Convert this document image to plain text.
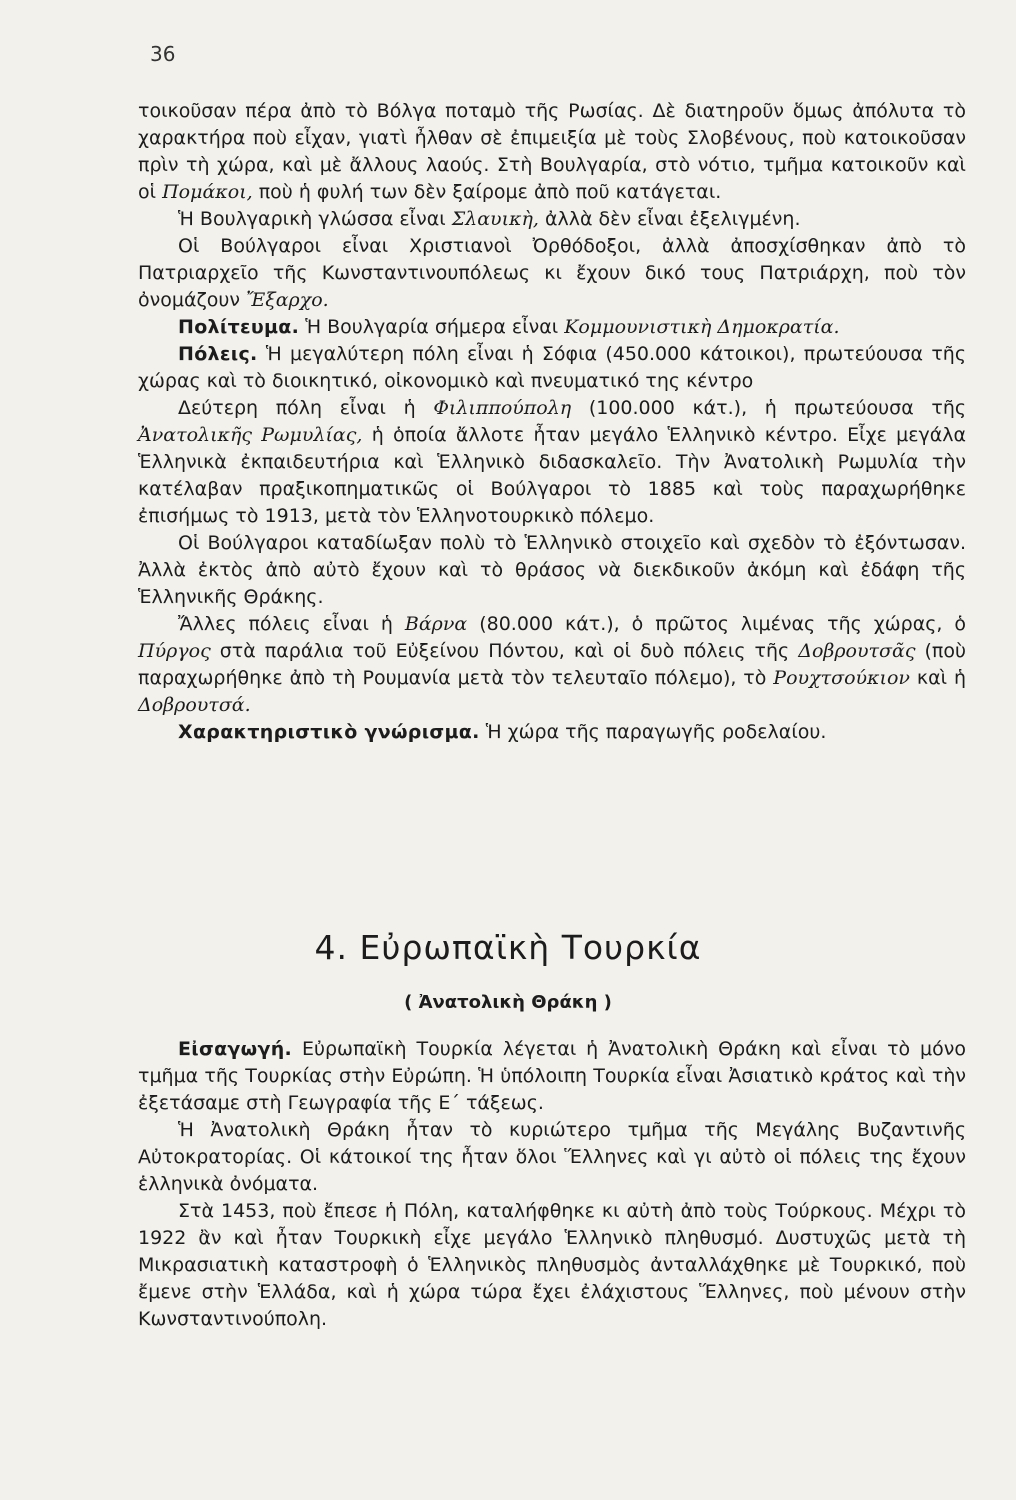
36

τοικοῦσαν πέρα ἀπὸ τὸ Βόλγα ποταμὸ τῆς Ρωσίας. Δὲ διατηροῦν ὅμως ἀπόλυτα τὸ χαρακτήρα ποὺ εἶχαν, γιατὶ ἦλθαν σὲ ἐπιμειξία μὲ τοὺς Σλοβένους, ποὺ κατοικοῦσαν πρὶν τὴ χώρα, καὶ μὲ ἄλλους λαούς. Στὴ Βουλγαρία, στὸ νότιο, τμῆμα κατοικοῦν καὶ οἱ Πομάκοι, ποὺ ἡ φυλή των δὲν ξαίρομε ἀπὸ ποῦ κατάγεται.

Ἡ Βουλγαρικὴ γλώσσα εἶναι Σλαυικὴ, ἀλλὰ δὲν εἶναι ἐξελιγμένη.

Οἱ Βούλγαροι εἶναι Χριστιανοὶ Ὀρθόδοξοι, ἀλλὰ ἀποσχίσθηκαν ἀπὸ τὸ Πατριαρχεῖο τῆς Κωνσταντινουπόλεως κι ἔχουν δικό τους Πατριάρχη, ποὺ τὸν ὀνομάζουν Ἔξαρχο.

Πολίτευμα. Ἡ Βουλγαρία σήμερα εἶναι Κομμουνιστικὴ Δημοκρατία.

Πόλεις. Ἡ μεγαλύτερη πόλη εἶναι ἡ Σόφια (450.000 κάτοικοι), πρωτεύουσα τῆς χώρας καὶ τὸ διοικητικό, οἰκονομικὸ καὶ πνευματικό της κέντρο

Δεύτερη πόλη εἶναι ἡ Φιλιππούπολη (100.000 κάτ.), ἡ πρωτεύουσα τῆς Ἀνατολικῆς Ρωμυλίας, ἡ ὁποία ἄλλοτε ἦταν μεγάλο Ἑλληνικὸ κέντρο. Εἶχε μεγάλα Ἑλληνικὰ ἐκπαιδευτήρια καὶ Ἑλληνικὸ διδασκαλεῖο. Τὴν Ἀνατολικὴ Ρωμυλία τὴν κατέλαβαν πραξικοπηματικῶς οἱ Βούλγαροι τὸ 1885 καὶ τοὺς παραχωρήθηκε ἐπισήμως τὸ 1913, μετὰ τὸν Ἑλληνοτουρκικὸ πόλεμο.

Οἱ Βούλγαροι καταδίωξαν πολὺ τὸ Ἑλληνικὸ στοιχεῖο καὶ σχεδὸν τὸ ἐξόντωσαν. Ἀλλὰ ἐκτὸς ἀπὸ αὐτὸ ἔχουν καὶ τὸ θράσος νὰ διεκδικοῦν ἀκόμη καὶ ἐδάφη τῆς Ἑλληνικῆς Θράκης.

Ἄλλες πόλεις εἶναι ἡ Βάρνα (80.000 κάτ.), ὁ πρῶτος λιμένας τῆς χώρας, ὁ Πύργος στὰ παράλια τοῦ Εὐξείνου Πόντου, καὶ οἱ δυὸ πόλεις τῆς Δοβρουτσᾶς (ποὺ παραχωρήθηκε ἀπὸ τὴ Ρουμανία μετὰ τὸν τελευταῖο πόλεμο), τὸ Ρουχτσούκιον καὶ ἡ Δοβρουτσά.

Χαρακτηριστικὸ γνώρισμα. Ἡ χώρα τῆς παραγωγῆς ροδελαίου.

4. Εὐρωπαϊκὴ Τουρκία
( Ἀνατολικὴ Θράκη )

Εἰσαγωγή. Εὐρωπαϊκὴ Τουρκία λέγεται ἡ Ἀνατολικὴ Θράκη καὶ εἶναι τὸ μόνο τμῆμα τῆς Τουρκίας στὴν Εὐρώπη. Ἡ ὑπόλοιπη Τουρκία εἶναι Ἀσιατικὸ κράτος καὶ τὴν ἐξετάσαμε στὴ Γεωγραφία τῆς Ε΄ τάξεως.

Ἡ Ἀνατολικὴ Θράκη ἦταν τὸ κυριώτερο τμῆμα τῆς Μεγάλης Βυζαντινῆς Αὐτοκρατορίας. Οἱ κάτοικοί της ἦταν ὅλοι Ἕλληνες καὶ γι αὐτὸ οἱ πόλεις της ἔχουν ἑλληνικὰ ὀνόματα.

Στὰ 1453, ποὺ ἔπεσε ἡ Πόλη, καταλήφθηκε κι αὐτὴ ἀπὸ τοὺς Τούρκους. Μέχρι τὸ 1922 ἂν καὶ ἦταν Τουρκικὴ εἶχε μεγάλο Ἑλληνικὸ πληθυσμό. Δυστυχῶς μετὰ τὴ Μικρασιατικὴ καταστροφὴ ὁ Ἑλληνικὸς πληθυσμὸς ἀνταλλάχθηκε μὲ Τουρκικό, ποὺ ἔμενε στὴν Ἑλλάδα, καὶ ἡ χώρα τώρα ἔχει ἐλάχιστους Ἕλληνες, ποὺ μένουν στὴν Κωνσταντινούπολη.
